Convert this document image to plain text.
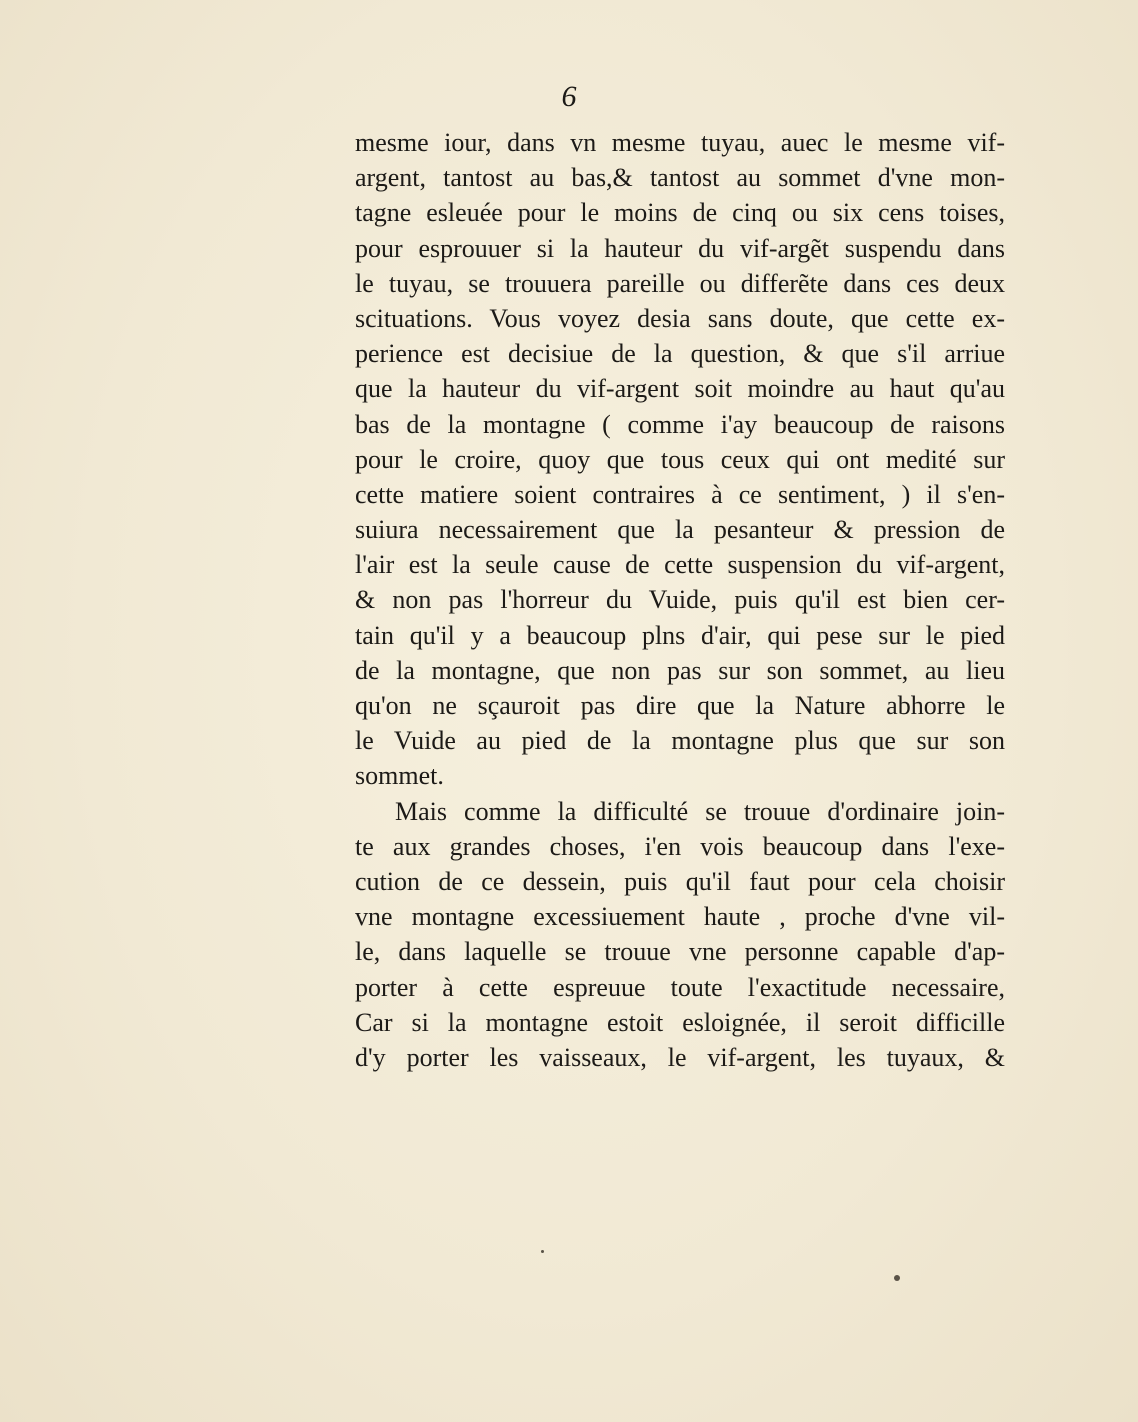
6
mesme iour, dans vn mesme tuyau, auec le mesme vif-
argent, tantost au bas,& tantost au sommet d'vne mon-
tagne esleuée pour le moins de cinq ou six cens toises,
pour esprouuer si la hauteur du vif-argẽt suspendu dans
le tuyau, se trouuera pareille ou differẽte dans ces deux
scituations. Vous voyez desia sans doute, que cette ex-
perience est decisiue de la question, & que s'il arriue
que la hauteur du vif-argent soit moindre au haut qu'au
bas de la montagne ( comme i'ay beaucoup de raisons
pour le croire, quoy que tous ceux qui ont medité sur
cette matiere soient contraires à ce sentiment, ) il s'en-
suiura necessairement que la pesanteur & pression de
l'air est la seule cause de cette suspension du vif-argent,
& non pas l'horreur du Vuide, puis qu'il est bien cer-
tain qu'il y a beaucoup plns d'air, qui pese sur le pied
de la montagne, que non pas sur son sommet, au lieu
qu'on ne sçauroit pas dire que la Nature abhorre le
le Vuide au pied de la montagne plus que sur son
sommet.
Mais comme la difficulté se trouue d'ordinaire join-
te aux grandes choses, i'en vois beaucoup dans l'exe-
cution de ce dessein, puis qu'il faut pour cela choisir
vne montagne excessiuement haute , proche d'vne vil-
le, dans laquelle se trouue vne personne capable d'ap-
porter à cette espreuue toute l'exactitude necessaire,
Car si la montagne estoit esloignée, il seroit difficille
d'y porter les vaisseaux, le vif-argent, les tuyaux, &
